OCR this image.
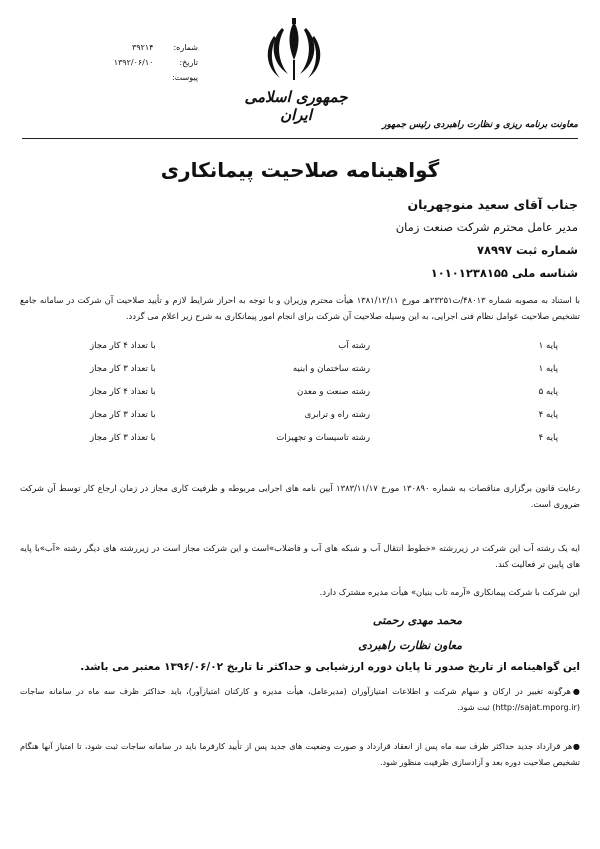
شماره: ۳۹۲۱۴
تاریخ: ۱۳۹۲/۰۶/۱۰
پیوست:
جمهوری اسلامی ایران
معاونت برنامه ریزی و نظارت راهبردی رئیس جمهور
گواهینامه صلاحیت پیمانکاری
جناب آقای سعید منوچهریان
مدیر عامل محترم شرکت صنعت زمان
شماره ثبت ۷۸۹۹۷
شناسه ملی ۱۰۱۰۱۲۳۸۱۵۵
با استناد به مصوبه شماره ۴۸۰۱۳/ت۲۳۲۵۱هـ مورخ ۱۳۸۱/۱۲/۱۱ هیأت محترم وزیران و با توجه به احراز شرایط لازم و تأیید صلاحیت آن شرکت در سامانه جامع تشخیص صلاحیت عوامل نظام فنی اجرایی، به این وسیله صلاحیت آن شرکت برای انجام امور پیمانکاری به شرح زیر اعلام می گردد.
پایه ۱
رشته آب
با تعداد ۴ کار مجاز
پایه ۱
رشته ساختمان و ابنیه
با تعداد ۳ کار مجاز
پایه ۵
رشته صنعت و معدن
با تعداد ۴ کار مجاز
پایه ۴
رشته راه و ترابری
با تعداد ۳ کار مجاز
پایه ۴
رشته تاسیسات و تجهیزات
با تعداد ۳ کار مجاز
رعایت قانون برگزاری مناقصات به شماره ۱۳۰۸۹۰ مورخ ۱۳۸۳/۱۱/۱۷ آیین نامه های اجرایی مربوطه و ظرفیت کاری مجاز در زمان ارجاع کار توسط آن شرکت ضروری است.
ایه یک رشته آب این شرکت در زیررشته «خطوط انتقال آب و شبکه های آب و فاضلاب»است و این شرکت مجاز است در زیررشته های دیگر رشته «آب»با پایه های پایین تر فعالیت کند.
این شرکت با شرکت پیمانکاری «آرمه تاب بنیان» هیأت مدیره مشترک دارد.
محمد مهدی رحمتی
معاون نظارت راهبردی
این گواهینامه از تاریخ صدور تا پایان دوره ارزشیابی و حداکثر تا تاریخ ۱۳۹۶/۰۶/۰۲ معتبر می باشد.
●هرگونه تغییر در ارکان و سهام شرکت و اطلاعات امتیازآوران (مدیرعامل، هیأت مدیره و کارکنان امتیازآور)، باید حداکثر ظرف سه ماه در سامانه ساجات (http://sajat.mporg.ir) ثبت شود.
●هر قرارداد جدید حداکثر ظرف سه ماه پس از انعقاد قرارداد و صورت وضعیت های جدید پس از تأیید کارفرما باید در سامانه ساجات ثبت شود، تا امتیاز آنها هنگام تشخیص صلاحیت دوره بعد و آزادسازی ظرفیت منظور شود.
